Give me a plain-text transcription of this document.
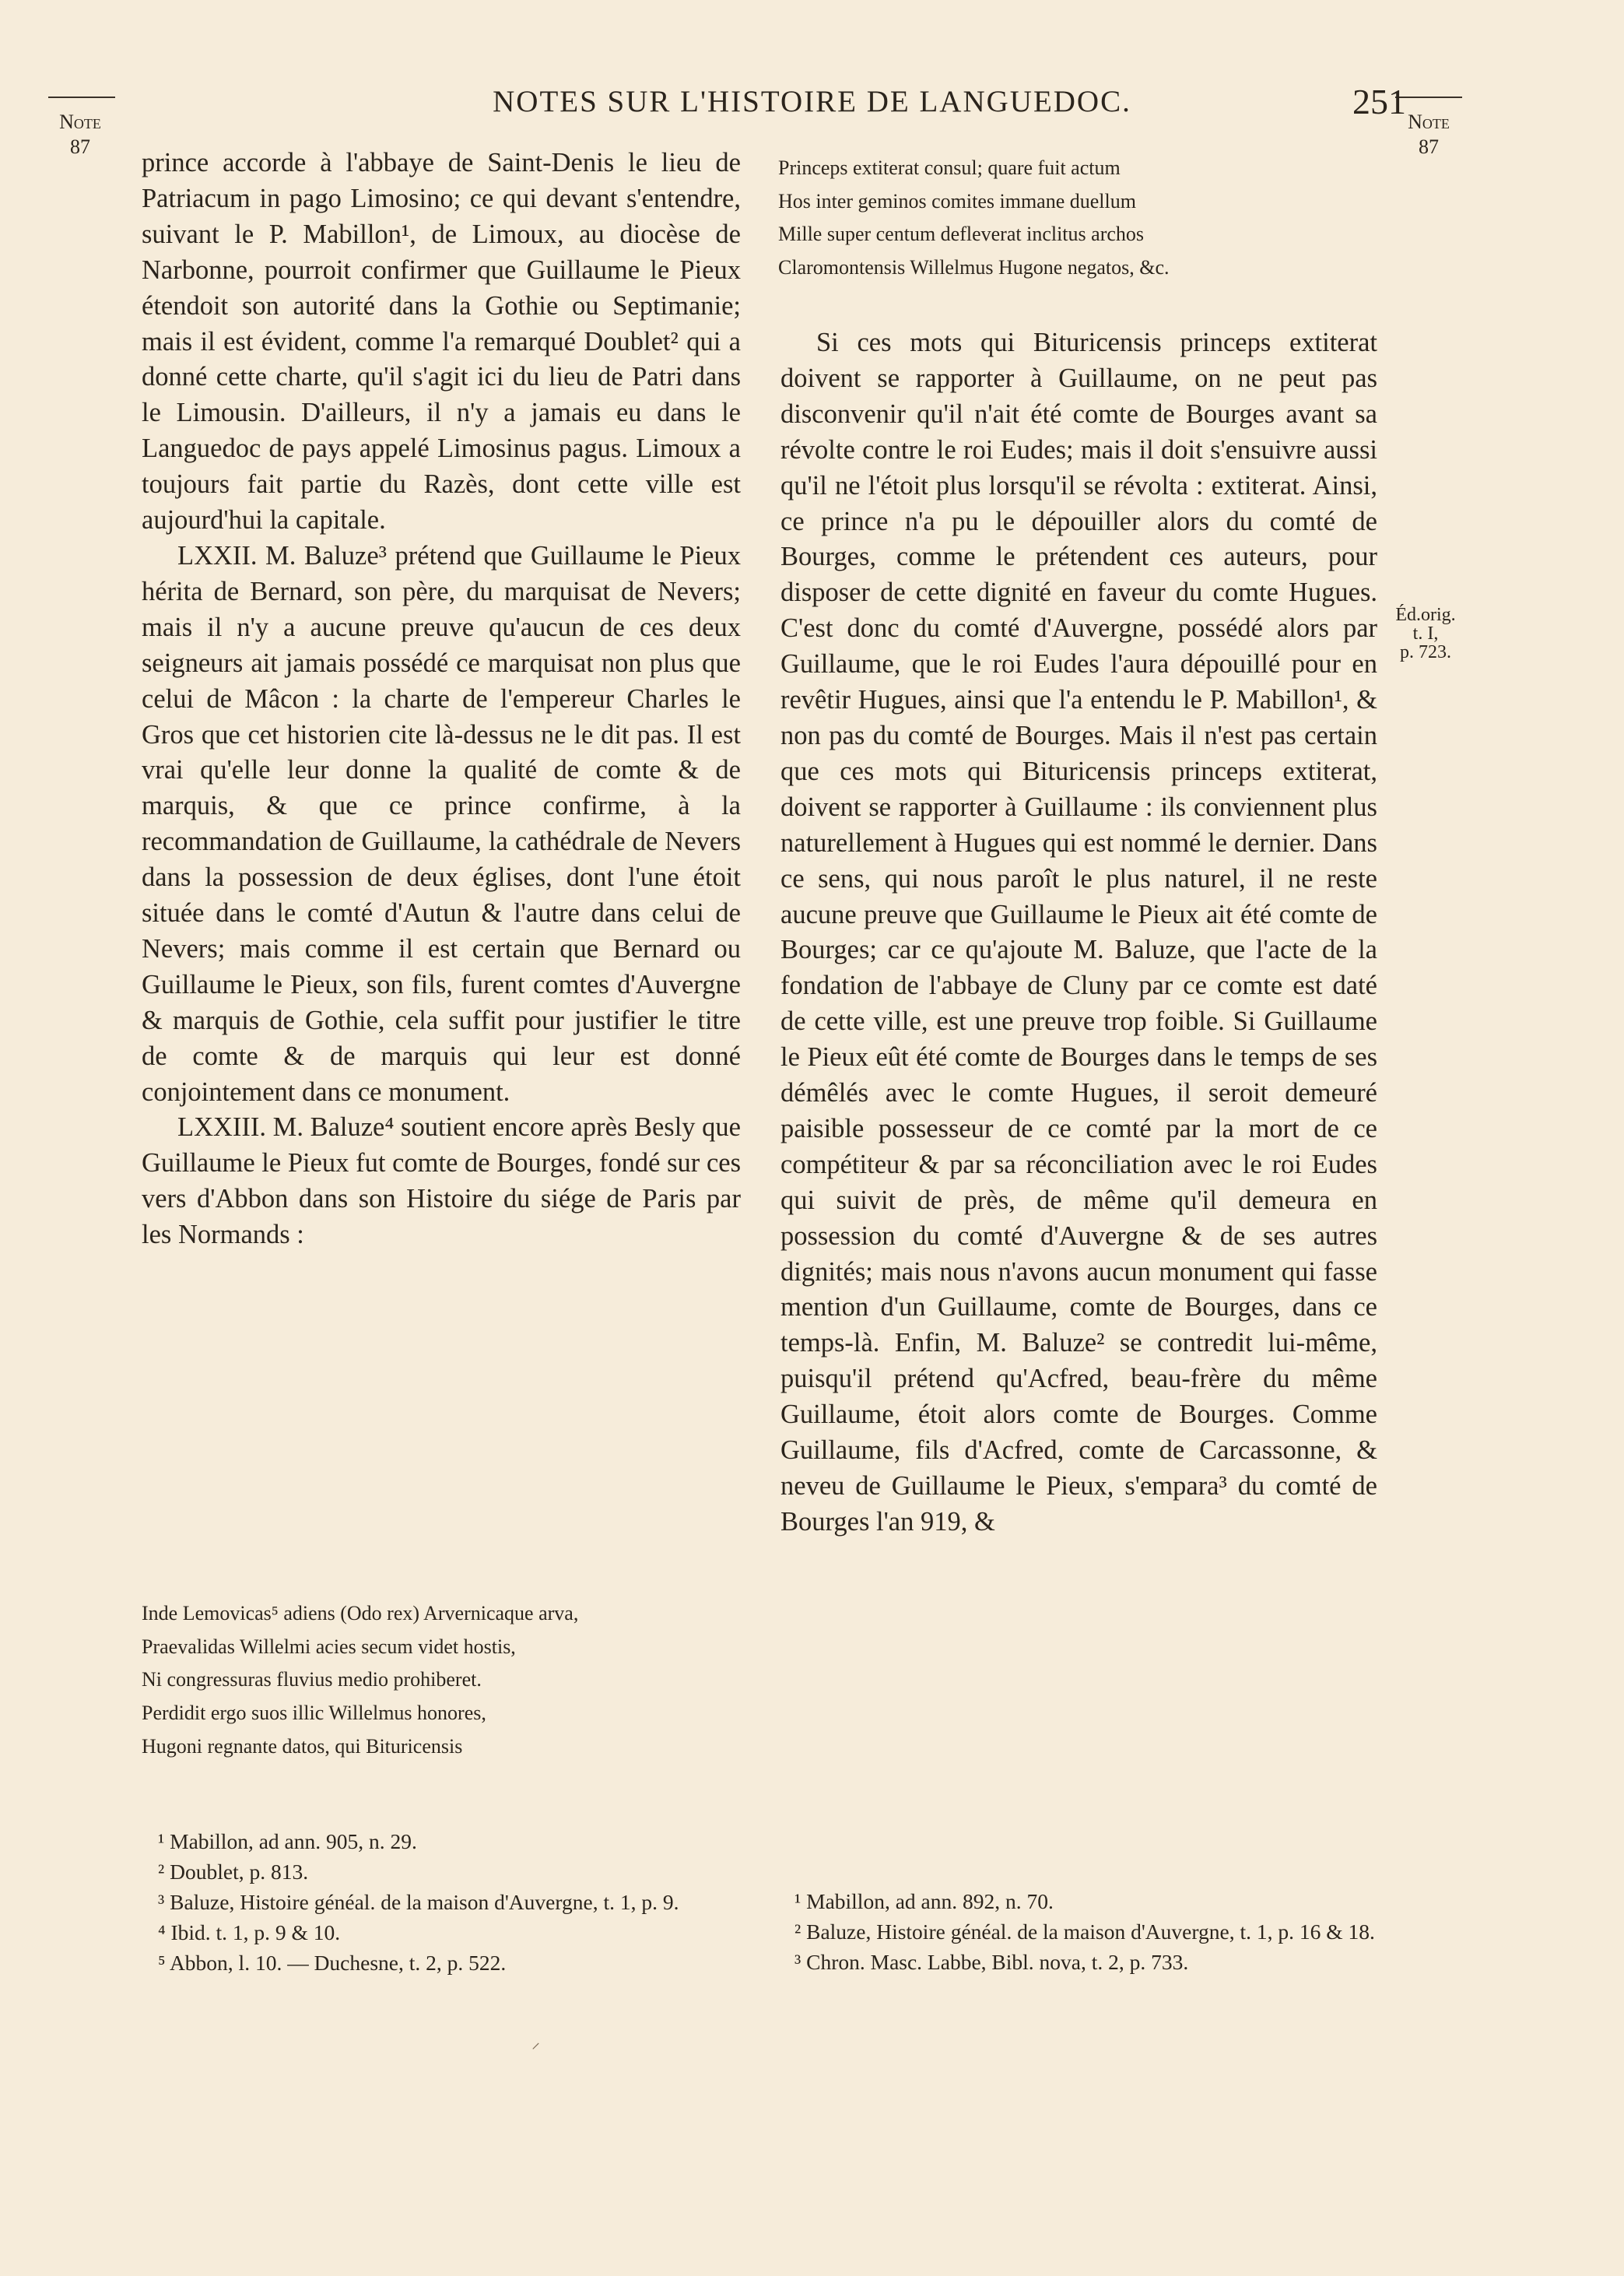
Note
87
NOTES SUR L'HISTOIRE DE LANGUEDOC.	251
Note
87
Éd.orig.
t. I,
p. 723.
Princeps extiterat consul; quare fuit actum
Hos inter geminos comites immane duellum
Mille super centum defleverat inclitus archos
Claromontensis Willelmus Hugone negatos, &c.

prince accorde à l'abbaye de Saint-Denis le lieu de Patriacum in pago Limosino; ce qui devant s'entendre, suivant le P. Mabillon¹, de Limoux, au diocèse de Narbonne, pourroit confirmer que Guillaume le Pieux étendoit son autorité dans la Gothie ou Septimanie; mais il est évident, comme l'a remarqué Doublet² qui a donné cette charte, qu'il s'agit ici du lieu de Patri dans le Limousin. D'ailleurs, il n'y a jamais eu dans le Languedoc de pays appelé Limosinus pagus. Limoux a toujours fait partie du Razès, dont cette ville est aujourd'hui la capitale.

LXXII. M. Baluze³ prétend que Guillaume le Pieux hérita de Bernard, son père, du marquisat de Nevers; mais il n'y a aucune preuve qu'aucun de ces deux seigneurs ait jamais possédé ce marquisat non plus que celui de Mâcon : la charte de l'empereur Charles le Gros que cet historien cite là-dessus ne le dit pas. Il est vrai qu'elle leur donne la qualité de comte & de marquis, & que ce prince confirme, à la recommandation de Guillaume, la cathédrale de Nevers dans la possession de deux églises, dont l'une étoit située dans le comté d'Autun & l'autre dans celui de Nevers; mais comme il est certain que Bernard ou Guillaume le Pieux, son fils, furent comtes d'Auvergne & marquis de Gothie, cela suffit pour justifier le titre de comte & de marquis qui leur est donné conjointement dans ce monument.

LXXIII. M. Baluze⁴ soutient encore après Besly que Guillaume le Pieux fut comte de Bourges, fondé sur ces vers d'Abbon dans son Histoire du siége de Paris par les Normands :

Inde Lemovicas⁵ adiens (Odo rex) Arvernicaque arva,
Praevalidas Willelmi acies secum videt hostis,
Ni congressuras fluvius medio prohiberet.
Perdidit ergo suos illic Willelmus honores,
Hugoni regnante datos, qui Bituricensis

Si ces mots qui Bituricensis princeps extiterat doivent se rapporter à Guillaume, on ne peut pas disconvenir qu'il n'ait été comte de Bourges avant sa révolte contre le roi Eudes; mais il doit s'ensuivre aussi qu'il ne l'étoit plus lorsqu'il se révolta : extiterat. Ainsi, ce prince n'a pu le dépouiller alors du comté de Bourges, comme le prétendent ces auteurs, pour disposer de cette dignité en faveur du comte Hugues. C'est donc du comté d'Auvergne, possédé alors par Guillaume, que le roi Eudes l'aura dépouillé pour en revêtir Hugues, ainsi que l'a entendu le P. Mabillon¹, & non pas du comté de Bourges. Mais il n'est pas certain que ces mots qui Bituricensis princeps extiterat, doivent se rapporter à Guillaume : ils conviennent plus naturellement à Hugues qui est nommé le dernier. Dans ce sens, qui nous paroît le plus naturel, il ne reste aucune preuve que Guillaume le Pieux ait été comte de Bourges; car ce qu'ajoute M. Baluze, que l'acte de la fondation de l'abbaye de Cluny par ce comte est daté de cette ville, est une preuve trop foible. Si Guillaume le Pieux eût été comte de Bourges dans le temps de ses démêlés avec le comte Hugues, il seroit demeuré paisible possesseur de ce comté par la mort de ce compétiteur & par sa réconciliation avec le roi Eudes qui suivit de près, de même qu'il demeura en possession du comté d'Auvergne & de ses autres dignités; mais nous n'avons aucun monument qui fasse mention d'un Guillaume, comte de Bourges, dans ce temps-là. Enfin, M. Baluze² se contredit lui-même, puisqu'il prétend qu'Acfred, beau-frère du même Guillaume, étoit alors comte de Bourges. Comme Guillaume, fils d'Acfred, comte de Carcassonne, & neveu de Guillaume le Pieux, s'empara³ du comté de Bourges l'an 919, &

¹ Mabillon, ad ann. 905, n. 29.
² Doublet, p. 813.
³ Baluze, Histoire généal. de la maison d'Auvergne, t. 1, p. 9.
⁴ Ibid. t. 1, p. 9 & 10.
⁵ Abbon, l. 10. — Duchesne, t. 2, p. 522.
¹ Mabillon, ad ann. 892, n. 70.
² Baluze, Histoire généal. de la maison d'Auvergne, t. 1, p. 16 & 18.
³ Chron. Masc. Labbe, Bibl. nova, t. 2, p. 733.
⸝
